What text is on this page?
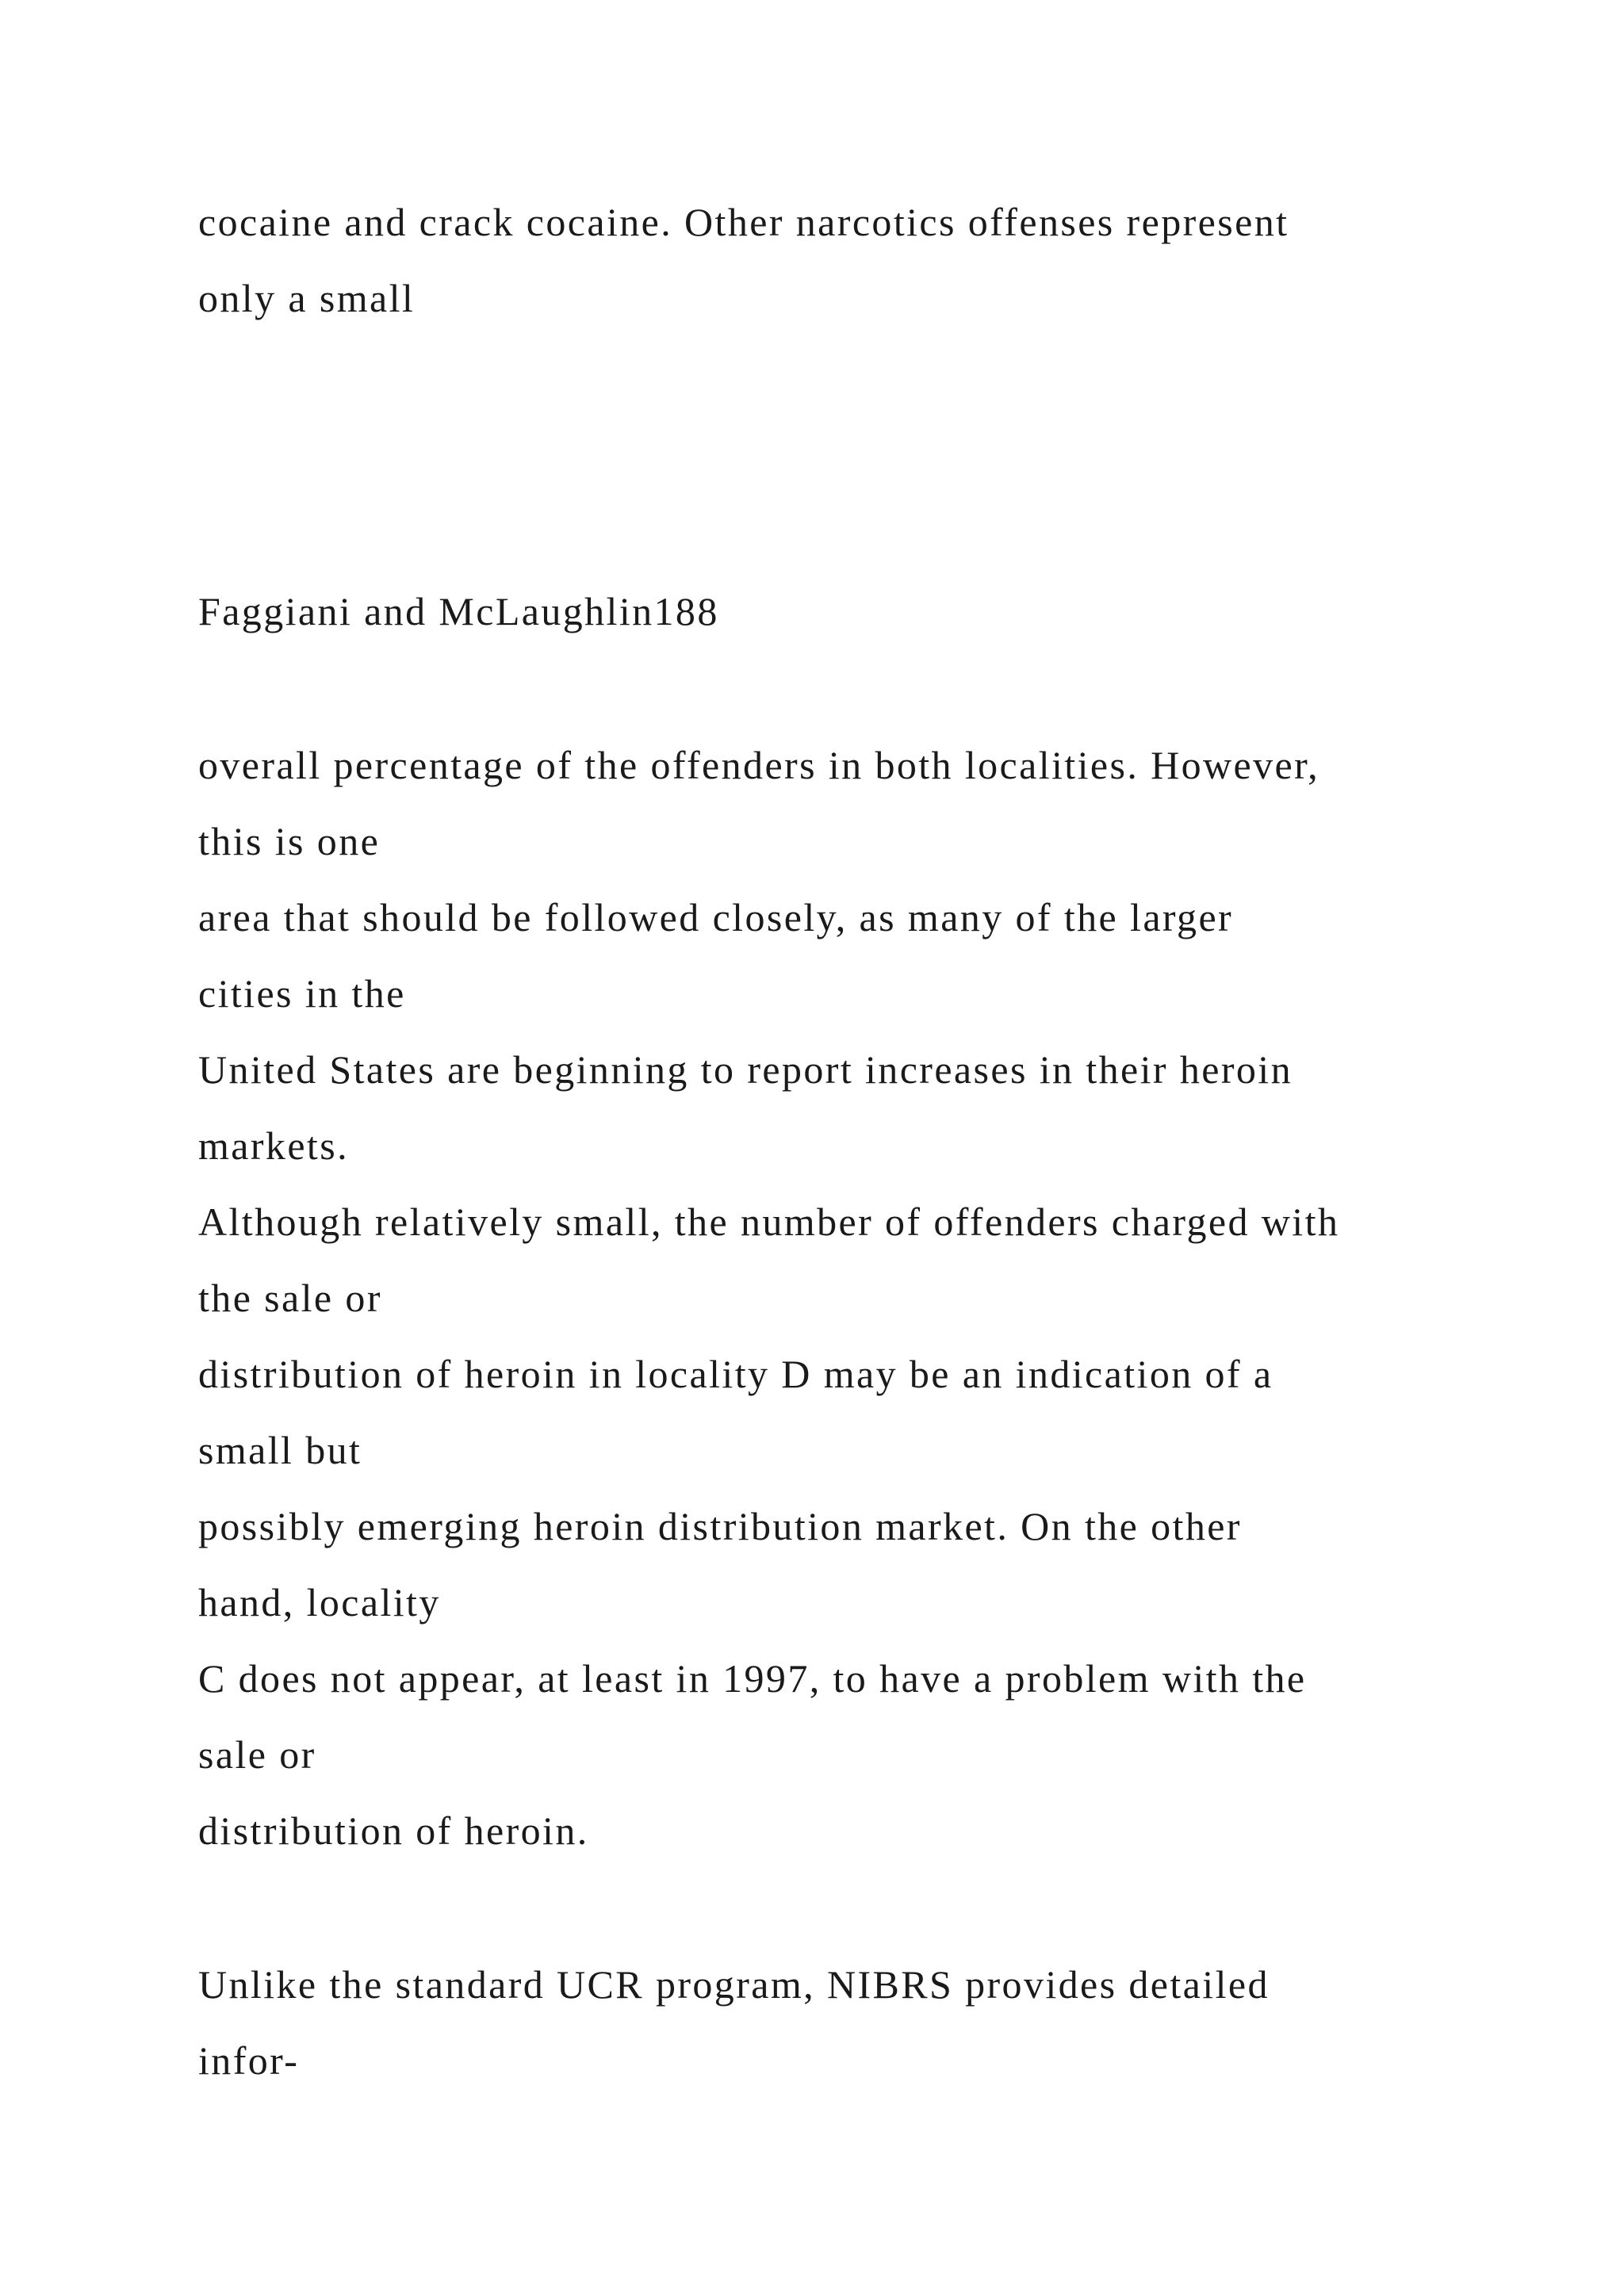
cocaine and crack cocaine. Other narcotics offenses represent

only a small

Faggiani and McLaughlin188

overall percentage of the offenders in both localities. However,

this is one

area that should be followed closely, as many of the larger

cities in the

United States are beginning to report increases in their heroin

markets.

Although relatively small, the number of offenders charged with

the sale or

distribution of heroin in locality D may be an indication of a

small but

possibly emerging heroin distribution market. On the other

hand, locality

C does not appear, at least in 1997, to have a problem with the

sale or

distribution of heroin.

Unlike the standard UCR program, NIBRS provides detailed

infor-
